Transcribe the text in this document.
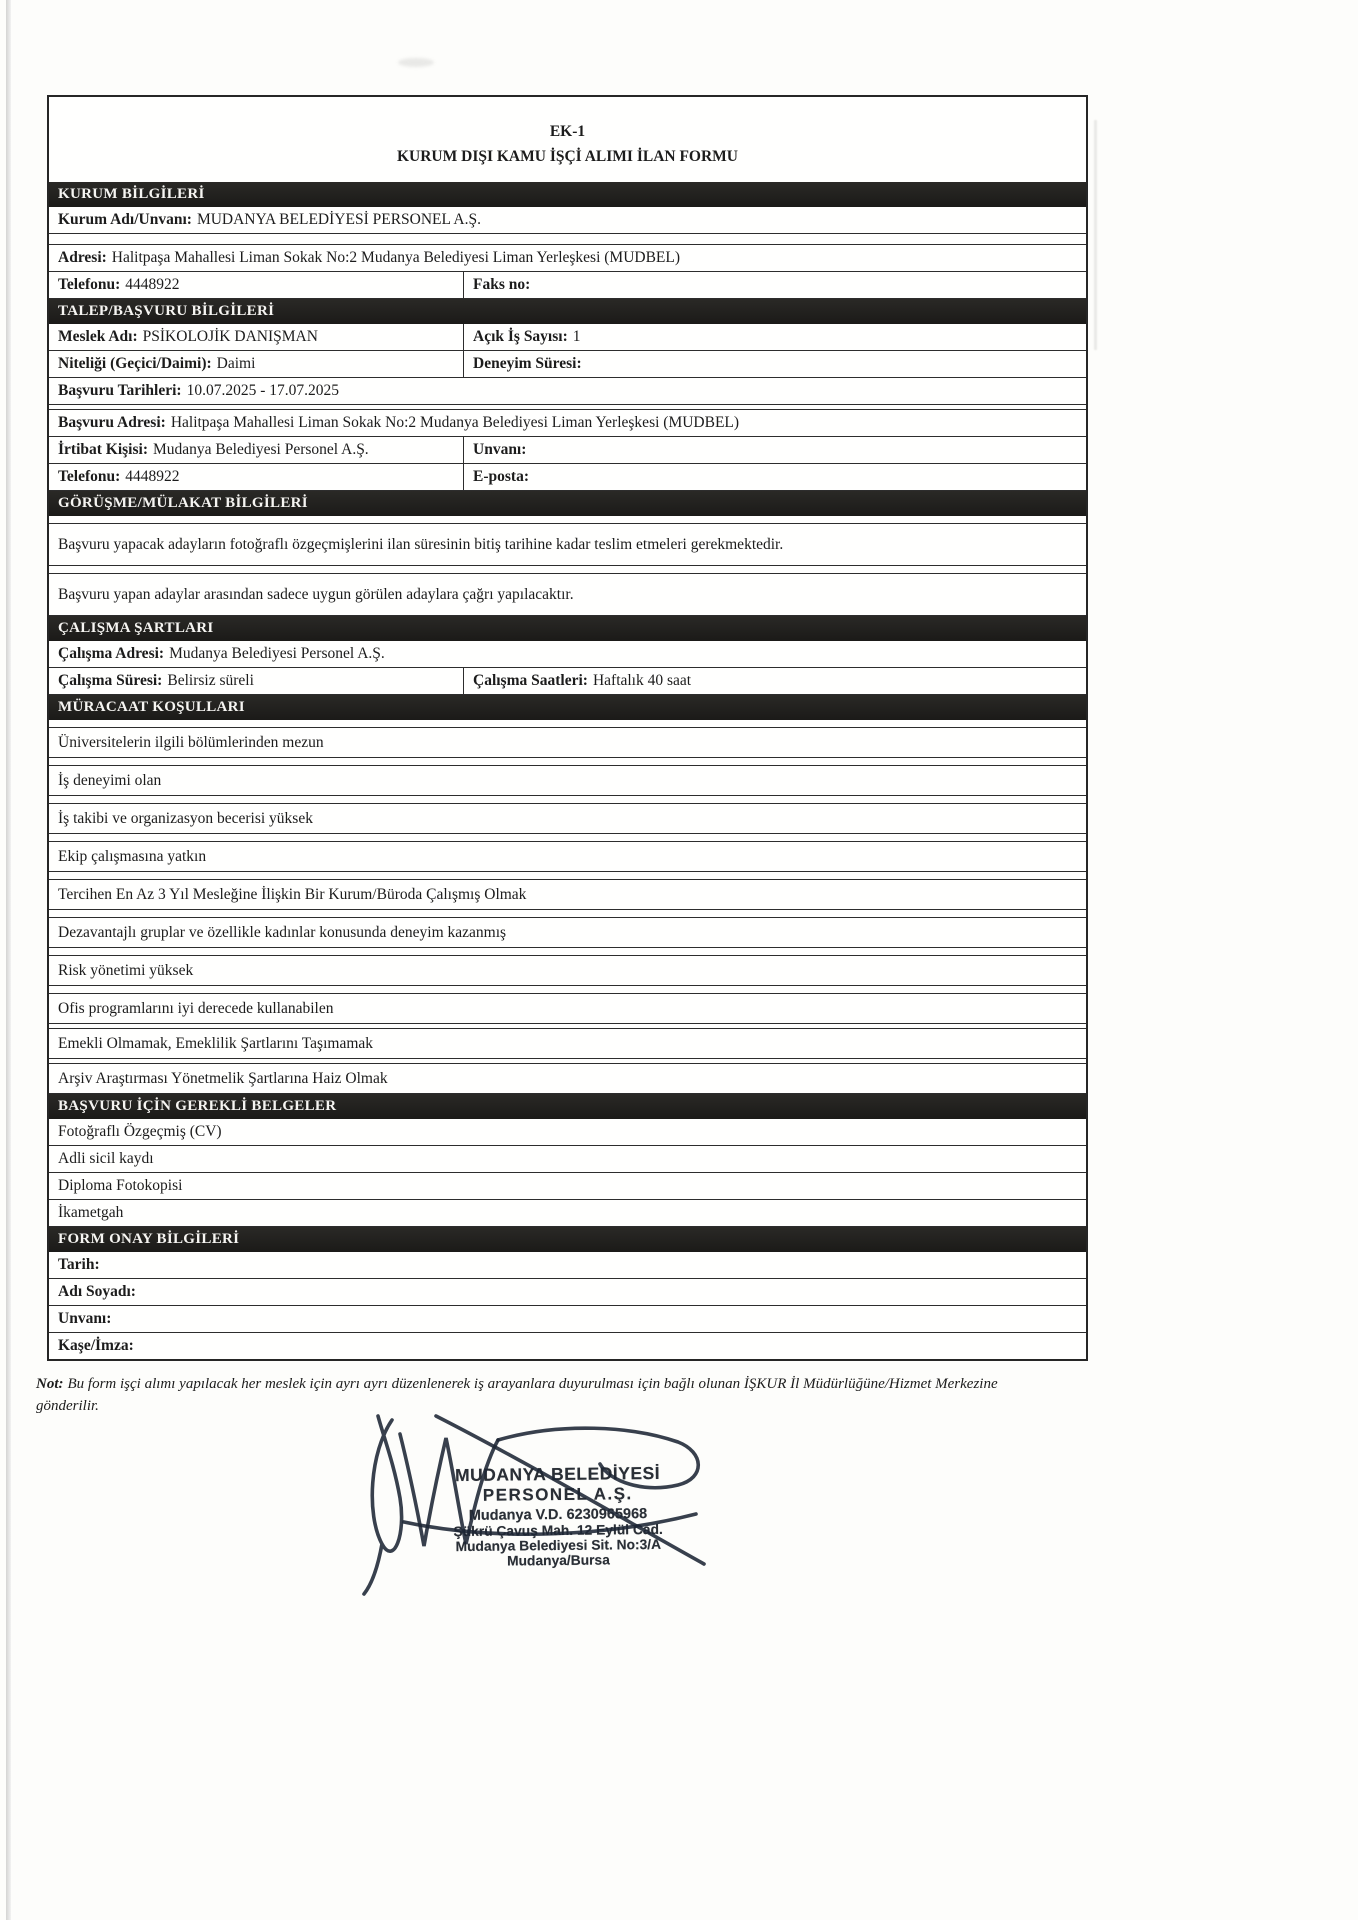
EK-1
KURUM DIŞI KAMU İŞÇİ ALIMI İLAN FORMU
KURUM BİLGİLERİ
Kurum Adı/Unvanı: MUDANYA BELEDİYESİ PERSONEL A.Ş.
Adresi: Halitpaşa Mahallesi Liman Sokak No:2 Mudanya Belediyesi Liman Yerleşkesi (MUDBEL)
Telefonu: 4448922	Faks no:
TALEP/BAŞVURU BİLGİLERİ
Meslek Adı: PSİKOLOJİK DANIŞMAN	Açık İş Sayısı: 1
Niteliği (Geçici/Daimi): Daimi	Deneyim Süresi:
Başvuru Tarihleri: 10.07.2025 - 17.07.2025
Başvuru Adresi: Halitpaşa Mahallesi Liman Sokak No:2 Mudanya Belediyesi Liman Yerleşkesi (MUDBEL)
İrtibat Kişisi: Mudanya Belediyesi Personel A.Ş.	Unvanı:
Telefonu: 4448922	E-posta:
GÖRÜŞME/MÜLAKAT BİLGİLERİ
Başvuru yapacak adayların fotoğraflı özgeçmişlerini ilan süresinin bitiş tarihine kadar teslim etmeleri gerekmektedir.
Başvuru yapan adaylar arasından sadece uygun görülen adaylara çağrı yapılacaktır.
ÇALIŞMA ŞARTLARI
Çalışma Adresi: Mudanya Belediyesi Personel A.Ş.
Çalışma Süresi: Belirsiz süreli	Çalışma Saatleri: Haftalık 40 saat
MÜRACAAT KOŞULLARI
Üniversitelerin ilgili bölümlerinden mezun
İş deneyimi olan
İş takibi ve organizasyon becerisi yüksek
Ekip çalışmasına yatkın
Tercihen En Az 3 Yıl Mesleğine İlişkin Bir Kurum/Büroda Çalışmış Olmak
Dezavantajlı gruplar ve özellikle kadınlar konusunda deneyim kazanmış
Risk yönetimi yüksek
Ofis programlarını iyi derecede kullanabilen
Emekli Olmamak, Emeklilik Şartlarını Taşımamak
Arşiv Araştırması Yönetmelik Şartlarına Haiz Olmak
BAŞVURU İÇİN GEREKLİ BELGELER
Fotoğraflı Özgeçmiş (CV)
Adli sicil kaydı
Diploma Fotokopisi
İkametgah
FORM ONAY BİLGİLERİ
Tarih:
Adı Soyadı:
Unvanı:
Kaşe/İmza:

Not: Bu form işçi alımı yapılacak her meslek için ayrı ayrı düzenlenerek iş arayanlara duyurulması için bağlı olunan İŞKUR İl Müdürlüğüne/Hizmet Merkezine gönderilir.

MUDANYA BELEDİYESİ
PERSONEL A.Ş.
Mudanya V.D. 6230965968
Şükrü Çavuş Mah. 12 Eylül Cad.
Mudanya Belediyesi Sit. No:3/A
Mudanya/Bursa
